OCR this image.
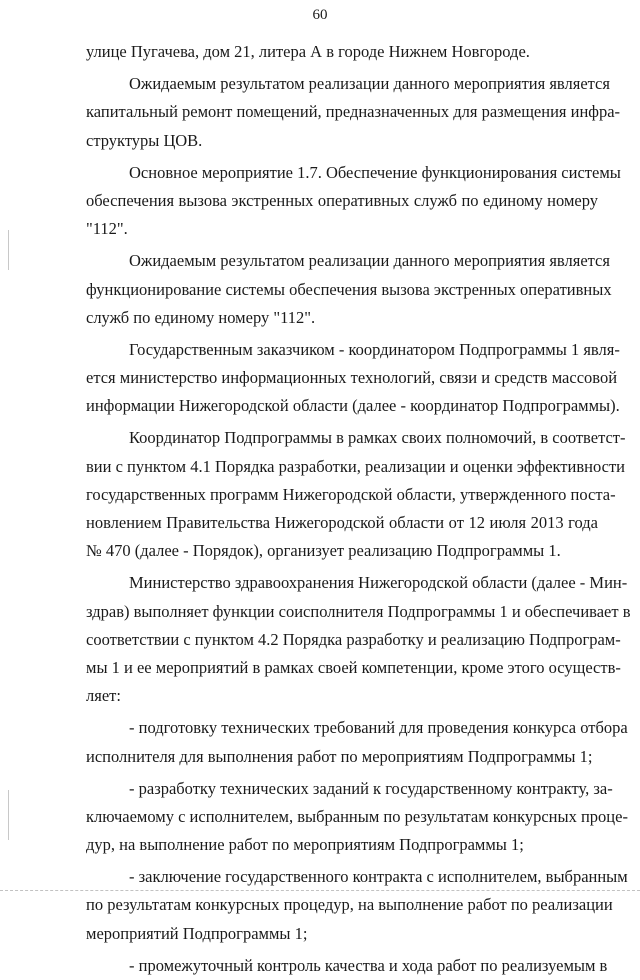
60
улице Пугачева, дом 21, литера А в городе Нижнем Новгороде.
Ожидаемым результатом реализации данного мероприятия является
капитальный ремонт помещений, предназначенных для размещения инфра-
структуры ЦОВ.
Основное мероприятие 1.7. Обеспечение функционирования системы
обеспечения вызова экстренных оперативных служб по единому номеру
"112".
Ожидаемым результатом реализации данного мероприятия является
функционирование системы обеспечения вызова экстренных оперативных
служб по единому номеру "112".
Государственным заказчиком - координатором Подпрограммы 1 явля-
ется министерство информационных технологий, связи и средств массовой
информации Нижегородской области (далее - координатор Подпрограммы).
Координатор Подпрограммы в рамках своих полномочий, в соответст-
вии с пунктом 4.1 Порядка разработки, реализации и оценки эффективности
государственных программ Нижегородской области, утвержденного поста-
новлением Правительства Нижегородской области от 12 июля 2013 года
№ 470 (далее - Порядок), организует реализацию Подпрограммы 1.
Министерство здравоохранения Нижегородской области (далее - Мин-
здрав) выполняет функции соисполнителя Подпрограммы 1 и обеспечивает в
соответствии с пунктом 4.2 Порядка разработку и реализацию Подпрограм-
мы 1 и ее мероприятий в рамках своей компетенции, кроме этого осуществ-
ляет:
- подготовку технических требований для проведения конкурса отбора
исполнителя для выполнения работ по мероприятиям Подпрограммы 1;
- разработку технических заданий к государственному контракту, за-
ключаемому с исполнителем, выбранным по результатам конкурсных проце-
дур, на выполнение работ по мероприятиям Подпрограммы 1;
- заключение государственного контракта с исполнителем, выбранным
по результатам конкурсных процедур, на выполнение работ по реализации
мероприятий Подпрограммы 1;
- промежуточный контроль качества и хода работ по реализуемым в
